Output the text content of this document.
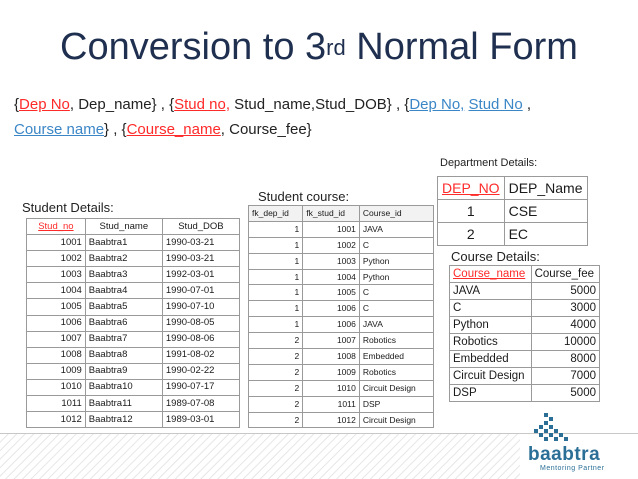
Conversion to 3rd Normal Form
{Dep No, Dep_name} , {Stud no, Stud_name,Stud_DOB} , {Dep No, Stud No ,
Course name} , {Course_name, Course_fee}
Department Details:
Student course:
Student Details:
Course Details:
Stud_no	Stud_name	Stud_DOB
1001	Baabtra1	1990-03-21
1002	Baabtra2	1990-03-21
1003	Baabtra3	1992-03-01
1004	Baabtra4	1990-07-01
1005	Baabtra5	1990-07-10
1006	Baabtra6	1990-08-05
1007	Baabtra7	1990-08-06
1008	Baabtra8	1991-08-02
1009	Baabtra9	1990-02-22
1010	Baabtra10	1990-07-17
1011	Baabtra11	1989-07-08
1012	Baabtra12	1989-03-01
fk_dep_id	fk_stud_id	Course_id
1	1001	JAVA
1	1002	C
1	1003	Python
1	1004	Python
1	1005	C
1	1006	C
1	1006	JAVA
2	1007	Robotics
2	1008	Embedded
2	1009	Robotics
2	1010	Circuit Design
2	1011	DSP
2	1012	Circuit Design
DEP_NO	DEP_Name
1	CSE
2	EC
Course_name	Course_fee
JAVA	5000
C	3000
Python	4000
Robotics	10000
Embedded	8000
Circuit Design	7000
DSP	5000
baabtra
Mentoring Partner
